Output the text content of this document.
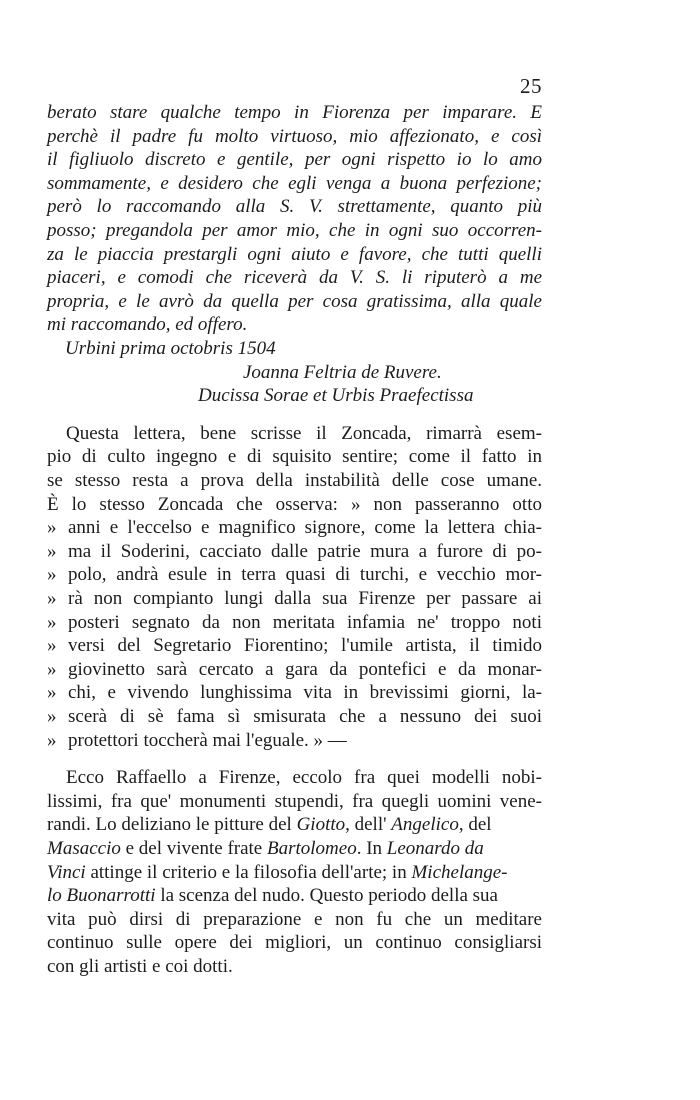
25
berato stare qualche tempo in Fiorenza per imparare. E
perchè il padre fu molto virtuoso, mio affezionato, e così
il figliuolo discreto e gentile, per ogni rispetto io lo amo
sommamente, e desidero che egli venga a buona perfezione;
però lo raccomando alla S. V. strettamente, quanto più
posso; pregandola per amor mio, che in ogni suo occorren-
za le piaccia prestargli ogni aiuto e favore, che tutti quelli
piaceri, e comodi che riceverà da V. S. li riputerò a me
propria, e le avrò da quella per cosa gratissima, alla quale
mi raccomando, ed offero.
Urbini prima octobris 1504
Joanna Feltria de Ruvere.
Ducissa Sorae et Urbis Praefectissa
Questa lettera, bene scrisse il Zoncada, rimarrà esem-
pio di culto ingegno e di squisito sentire; come il fatto in
se stesso resta a prova della instabilità delle cose umane.
È lo stesso Zoncada che osserva: » non passeranno otto
» anni e l'eccelso e magnifico signore, come la lettera chia-
» ma il Soderini, cacciato dalle patrie mura a furore di po-
» polo, andrà esule in terra quasi di turchi, e vecchio mor-
» rà non compianto lungi dalla sua Firenze per passare ai
» posteri segnato da non meritata infamia ne' troppo noti
» versi del Segretario Fiorentino; l'umile artista, il timido
» giovinetto sarà cercato a gara da pontefici e da monar-
» chi, e vivendo lunghissima vita in brevissimi giorni, la-
» scerà di sè fama sì smisurata che a nessuno dei suoi
» protettori toccherà mai l'eguale. » —
Ecco Raffaello a Firenze, eccolo fra quei modelli nobi-
lissimi, fra que' monumenti stupendi, fra quegli uomini vene-
randi. Lo deliziano le pitture del Giotto, dell' Angelico, del
Masaccio e del vivente frate Bartolomeo. In Leonardo da
Vinci attinge il criterio e la filosofia dell'arte; in Michelange-
lo Buonarrotti la scenza del nudo. Questo periodo della sua
vita può dirsi di preparazione e non fu che un meditare
continuo sulle opere dei migliori, un continuo consigliarsi
con gli artisti e coi dotti.
